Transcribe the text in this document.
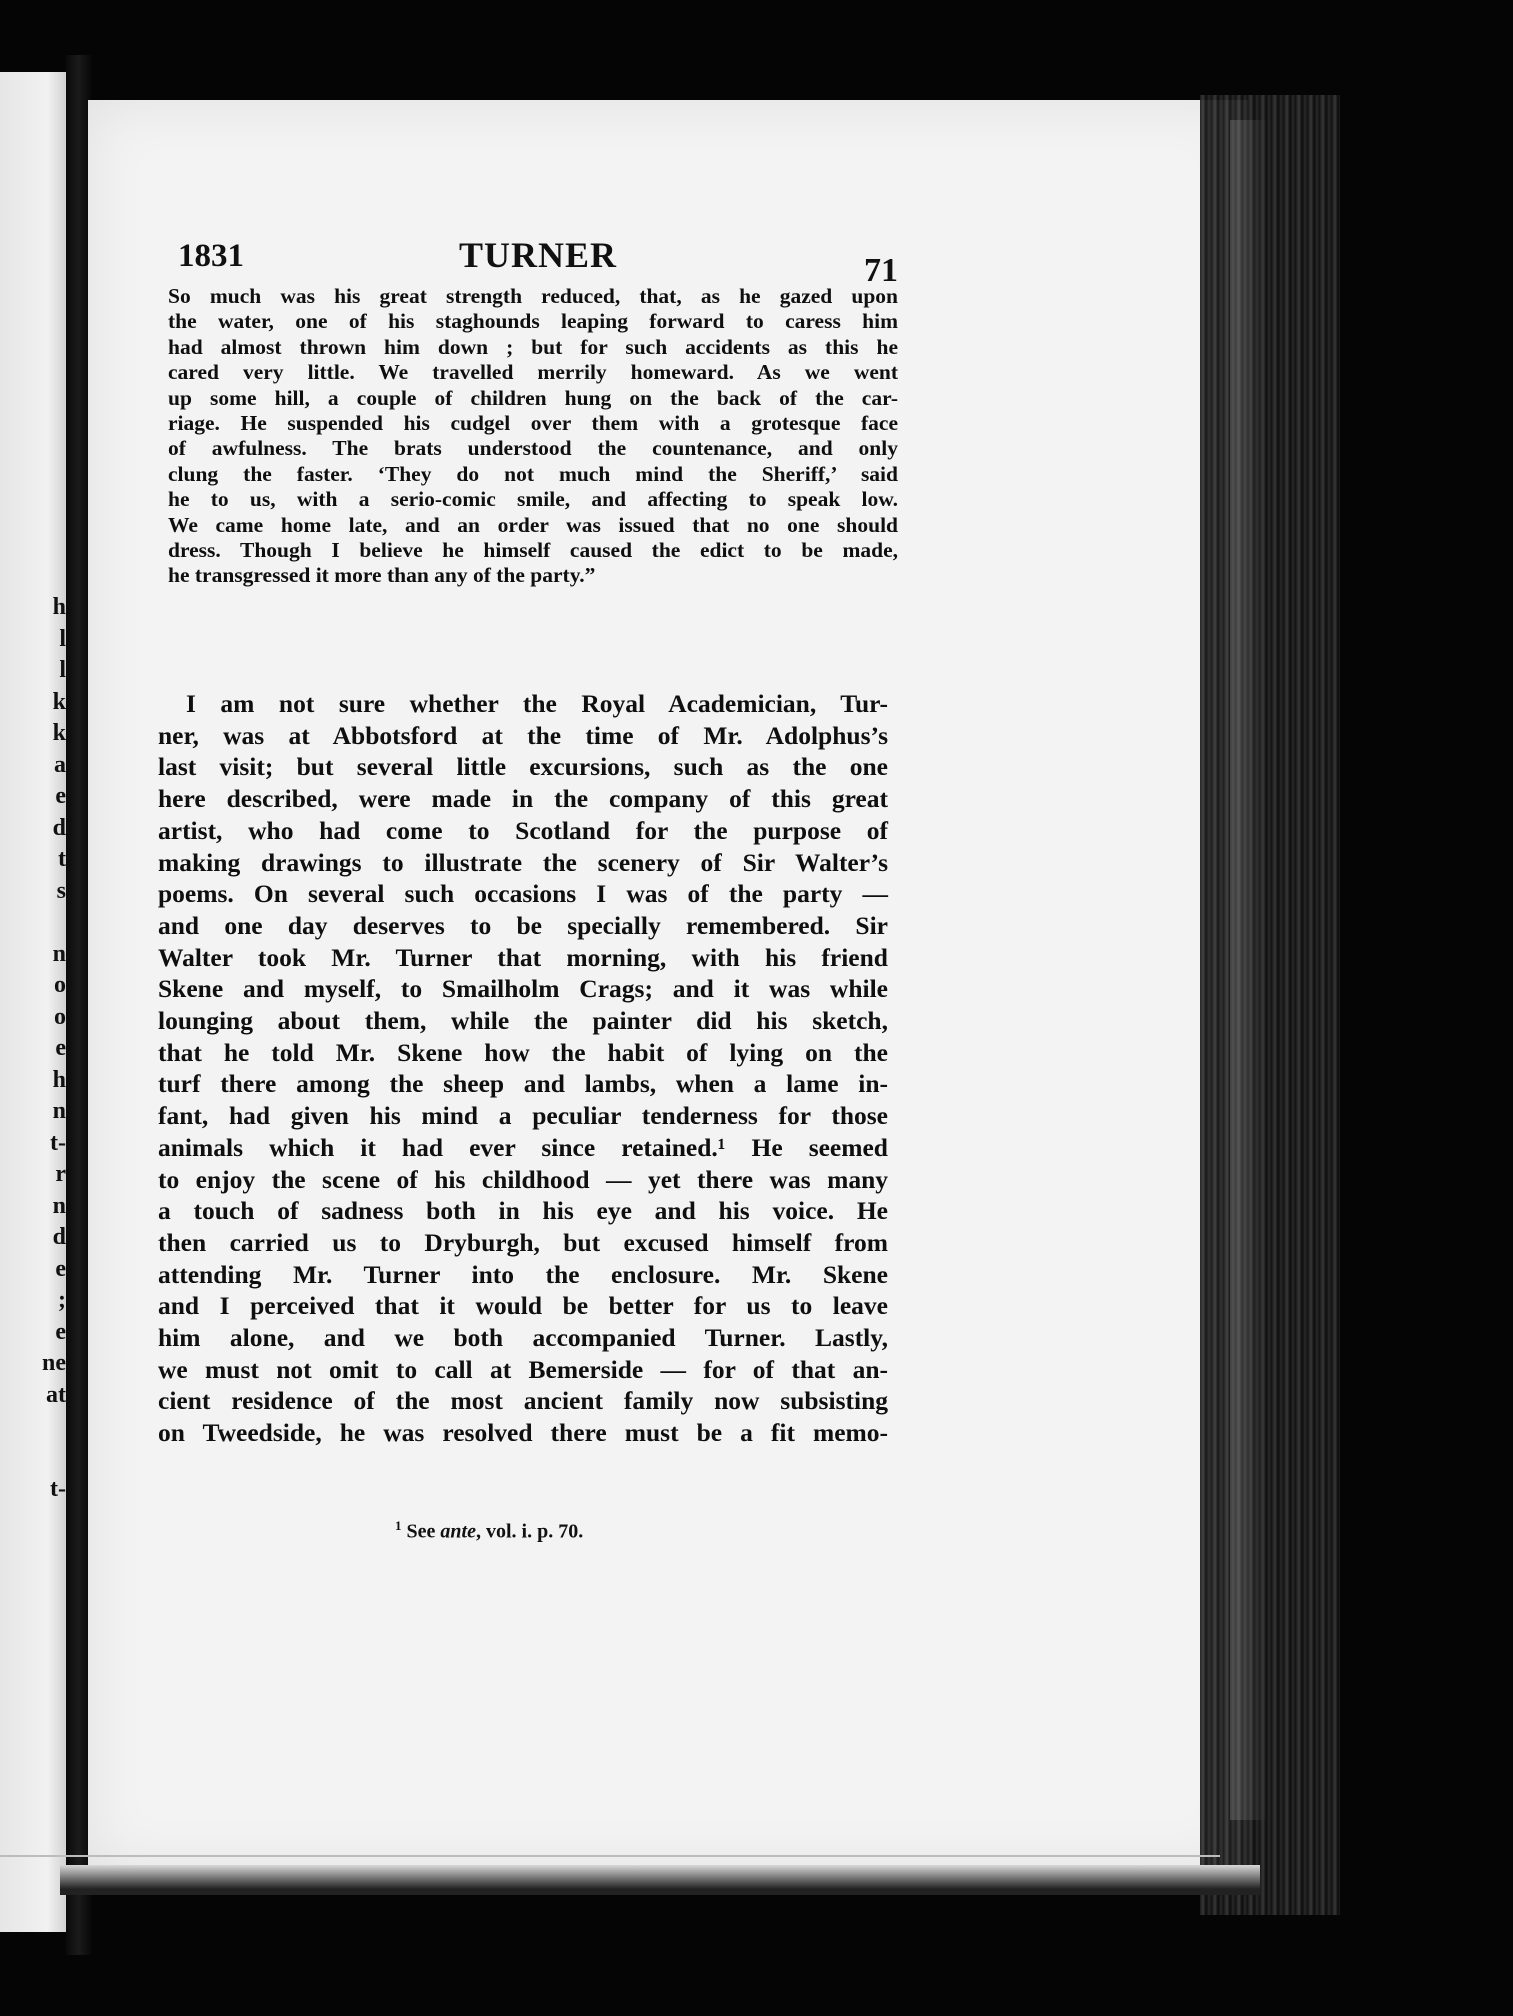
h
l
l
k
k
a
e
d
t
s

n
o
o
e
h
n
t-
r
n
d
e
;
e
ne
at

t-
1831	TURNER	71
So much was his great strength reduced, that, as he gazed upon
the water, one of his staghounds leaping forward to caress him
had almost thrown him down ; but for such accidents as this he
cared very little. We travelled merrily homeward. As we went
up some hill, a couple of children hung on the back of the car-
riage. He suspended his cudgel over them with a grotesque face
of awfulness. The brats understood the countenance, and only
clung the faster. ‘They do not much mind the Sheriff,’ said
he to us, with a serio-comic smile, and affecting to speak low.
We came home late, and an order was issued that no one should
dress. Though I believe he himself caused the edict to be made,
he transgressed it more than any of the party.”
I am not sure whether the Royal Academician, Tur-
ner, was at Abbotsford at the time of Mr. Adolphus’s
last visit; but several little excursions, such as the one
here described, were made in the company of this great
artist, who had come to Scotland for the purpose of
making drawings to illustrate the scenery of Sir Walter’s
poems. On several such occasions I was of the party —
and one day deserves to be specially remembered. Sir
Walter took Mr. Turner that morning, with his friend
Skene and myself, to Smailholm Crags; and it was while
lounging about them, while the painter did his sketch,
that he told Mr. Skene how the habit of lying on the
turf there among the sheep and lambs, when a lame in-
fant, had given his mind a peculiar tenderness for those
animals which it had ever since retained.¹ He seemed
to enjoy the scene of his childhood — yet there was many
a touch of sadness both in his eye and his voice. He
then carried us to Dryburgh, but excused himself from
attending Mr. Turner into the enclosure. Mr. Skene
and I perceived that it would be better for us to leave
him alone, and we both accompanied Turner. Lastly,
we must not omit to call at Bemerside — for of that an-
cient residence of the most ancient family now subsisting
on Tweedside, he was resolved there must be a fit memo-
$^1$ See ante, vol. i. p. 70.
